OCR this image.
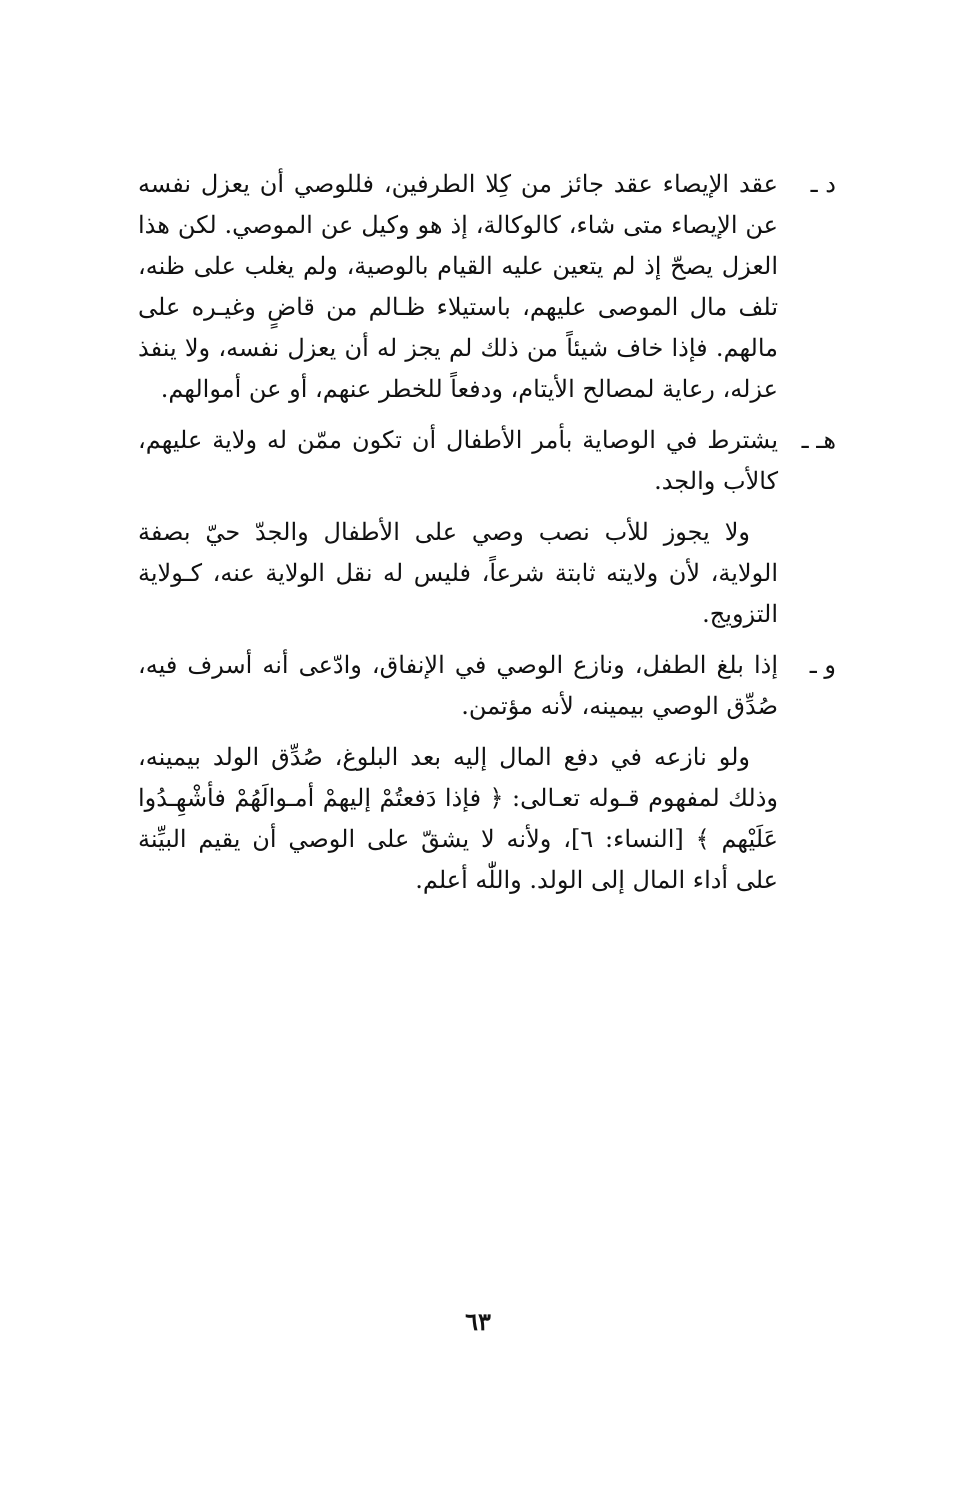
د ـ
عقد الإيصاء عقد جائز من كِلا الطرفين، فللوصي أن يعزل نفسه عن الإيصاء متى شاء، كالوكالة، إذ هو وكيل عن الموصي. لكن هذا العزل يصحّ إذ لم يتعين عليه القيام بالوصية، ولم يغلب على ظنه، تلف مال الموصى عليهم، باستيلاء ظـالم من قاضٍ وغيـره على مالهم. فإذا خاف شيئاً من ذلك لم يجز له أن يعزل نفسه، ولا ينفذ عزله، رعاية لمصالح الأيتام، ودفعاً للخطر عنهم، أو عن أموالهم.
هـ ـ
يشترط في الوصاية بأمر الأطفال أن تكون ممّن له ولاية عليهم، كالأب والجد.

ولا يجوز للأب نصب وصي على الأطفال والجدّ حيّ بصفة الولاية، لأن ولايته ثابتة شرعاً، فليس له نقل الولاية عنه، كـولاية التزويج.

و ـ
إذا بلغ الطفل، ونازع الوصي في الإنفاق، وادّعى أنه أسرف فيه، صُدِّق الوصي بيمينه، لأنه مؤتمن.

ولو نازعه في دفع المال إليه بعد البلوغ، صُدِّق الولد بيمينه، وذلك لمفهوم قـوله تعـالى: ﴿ فإذا دَفعتُمْ إليهمْ أمـوالَهُمْ فأشْهِـدُوا عَلَيْهم ﴾ [النساء: ٦]، ولأنه لا يشقّ على الوصي أن يقيم البيِّنة على أداء المال إلى الولد. واللّٰه أعلم.

٦٣
